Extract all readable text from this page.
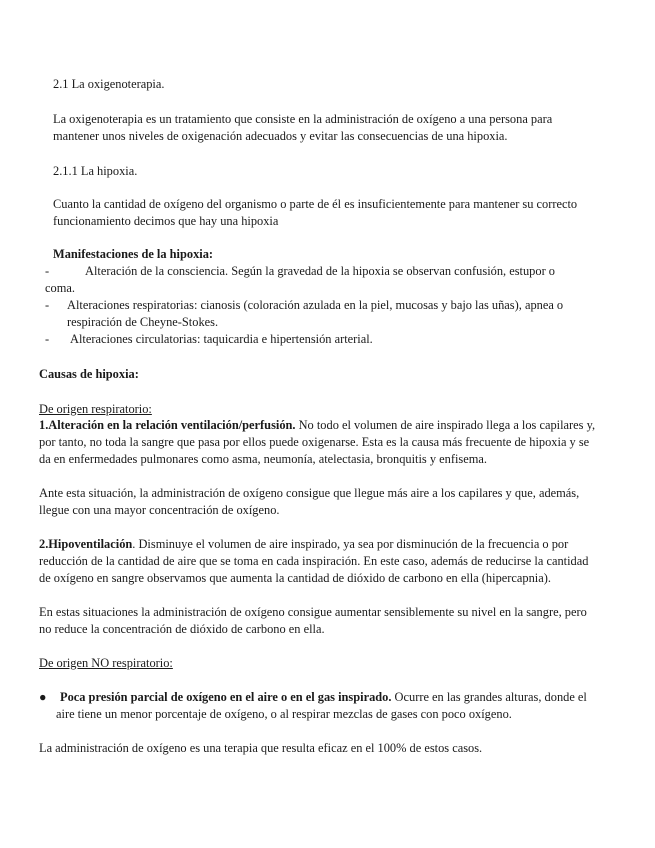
2.1 La oxigenoterapia.

La oxigenoterapia es un tratamiento que consiste en la administración de oxígeno a una persona para mantener unos niveles de oxigenación adecuados y evitar las consecuencias de una hipoxia.

2.1.1 La hipoxia.

Cuanto la cantidad de oxígeno del organismo o parte de él es insuficientemente para mantener su correcto funcionamiento decimos que hay una hipoxia

Manifestaciones de la hipoxia:

-	Alteración de la consciencia. Según la gravedad de la hipoxia se observan confusión, estupor o coma.
-	Alteraciones respiratorias: cianosis (coloración azulada en la piel, mucosas y bajo las uñas), apnea o respiración de Cheyne-Stokes.
-	Alteraciones circulatorias: taquicardia e hipertensión arterial.

Causas de hipoxia:

De origen respiratorio:

1.Alteración en la relación ventilación/perfusión. No todo el volumen de aire inspirado llega a los capilares y, por tanto, no toda la sangre que pasa por ellos puede oxigenarse. Esta es la causa más frecuente de hipoxia y se da en enfermedades pulmonares como asma, neumonía, atelectasia, bronquitis y enfisema.

Ante esta situación, la administración de oxígeno consigue que llegue más aire a los capilares y que, además, llegue con una mayor concentración de oxígeno.

2.Hipoventilación. Disminuye el volumen de aire inspirado, ya sea por disminución de la frecuencia o por reducción de la cantidad de aire que se toma en cada inspiración. En este caso, además de reducirse la cantidad de oxígeno en sangre observamos que aumenta la cantidad de dióxido de carbono en ella (hipercapnia).

En estas situaciones la administración de oxígeno consigue aumentar sensiblemente su nivel en la sangre, pero no reduce la concentración de dióxido de carbono en ella.

De origen NO respiratorio:

●	Poca presión parcial de oxígeno en el aire o en el gas inspirado. Ocurre en las grandes alturas, donde el aire tiene un menor porcentaje de oxígeno, o al respirar mezclas de gases con poco oxígeno.

La administración de oxígeno es una terapia que resulta eficaz en el 100% de estos casos.
